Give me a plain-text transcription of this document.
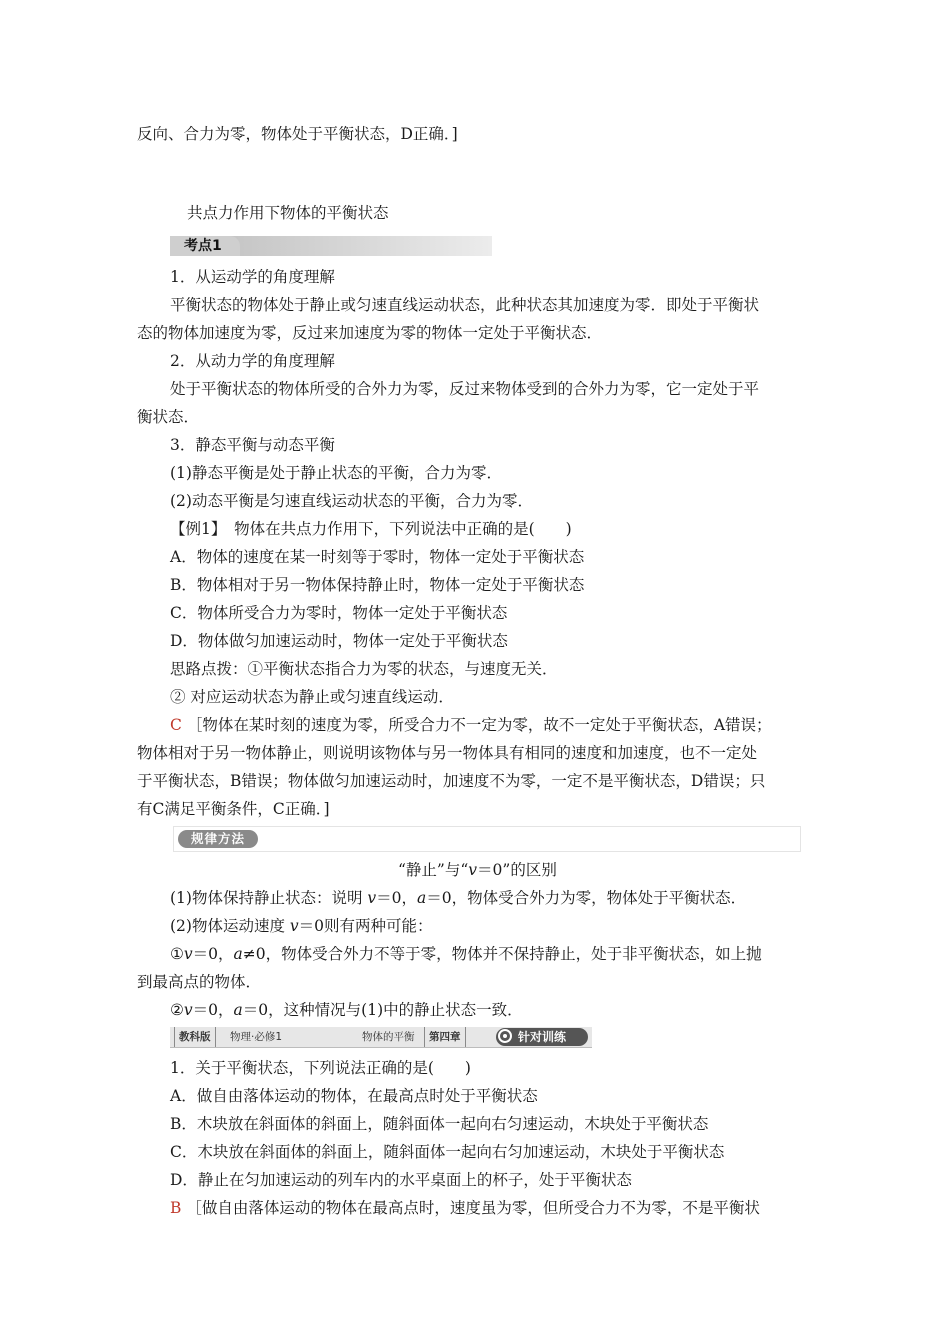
反向、合力为零，物体处于平衡状态，D正确．]
共点力作用下物体的平衡状态
考点1
1．从运动学的角度理解
平衡状态的物体处于静止或匀速直线运动状态，此种状态其加速度为零．即处于平衡状
态的物体加速度为零，反过来加速度为零的物体一定处于平衡状态．
2．从动力学的角度理解
处于平衡状态的物体所受的合外力为零，反过来物体受到的合外力为零，它一定处于平
衡状态．
3．静态平衡与动态平衡
(1)静态平衡是处于静止状态的平衡，合力为零．
(2)动态平衡是匀速直线运动状态的平衡，合力为零．
【例1】　物体在共点力作用下，下列说法中正确的是(　　)
A．物体的速度在某一时刻等于零时，物体一定处于平衡状态
B．物体相对于另一物体保持静止时，物体一定处于平衡状态
C．物体所受合力为零时，物体一定处于平衡状态
D．物体做匀加速运动时，物体一定处于平衡状态
思路点拨：①平衡状态指合力为零的状态，与速度无关．
② 对应运动状态为静止或匀速直线运动．
C ［物体在某时刻的速度为零，所受合力不一定为零，故不一定处于平衡状态，A错误；
物体相对于另一物体静止，则说明该物体与另一物体具有相同的速度和加速度，也不一定处
于平衡状态，B错误；物体做匀加速运动时，加速度不为零，一定不是平衡状态，D错误；只
有C满足平衡条件，C正确．]
规律方法
“静止”与“v＝0”的区别
(1)物体保持静止状态：说明 v＝0，a＝0，物体受合外力为零，物体处于平衡状态．
(2)物体运动速度 v＝0则有两种可能：
①v＝0，a≠0，物体受合外力不等于零，物体并不保持静止，处于非平衡状态，如上抛
到最高点的物体．
②v＝0，a＝0，这种情况与(1)中的静止状态一致．
教科版	物理·必修1	物体的平衡	第四章	针对训练
1．关于平衡状态，下列说法正确的是(　　)
A．做自由落体运动的物体，在最高点时处于平衡状态
B．木块放在斜面体的斜面上，随斜面体一起向右匀速运动，木块处于平衡状态
C．木块放在斜面体的斜面上，随斜面体一起向右匀加速运动，木块处于平衡状态
D．静止在匀加速运动的列车内的水平桌面上的杯子，处于平衡状态
B ［做自由落体运动的物体在最高点时，速度虽为零，但所受合力不为零，不是平衡状
